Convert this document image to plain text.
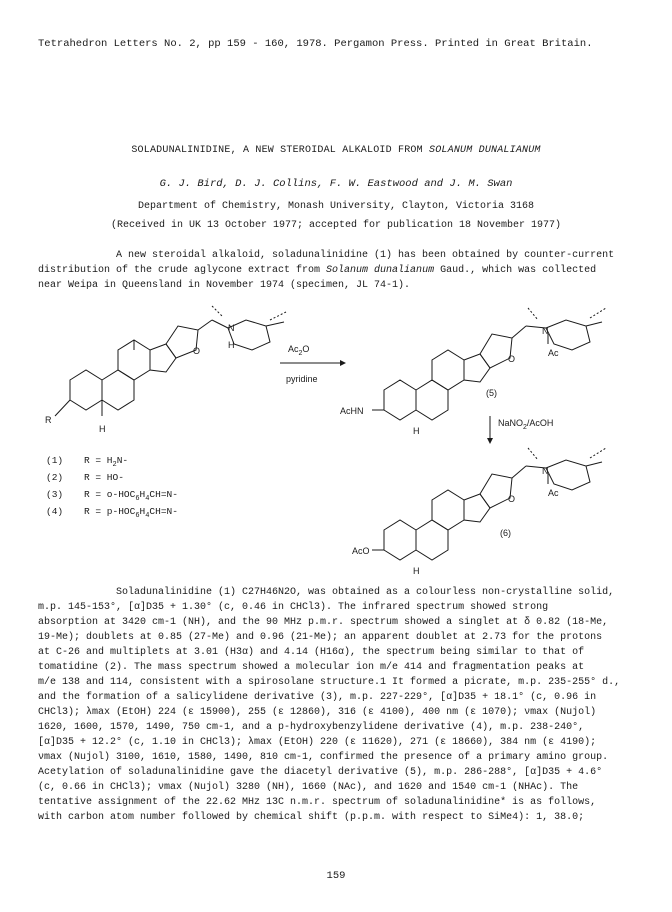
Tetrahedron Letters No. 2, pp 159 - 160, 1978. Pergamon Press. Printed in Great Britain.
SOLADUNALINIDINE, A NEW STEROIDAL ALKALOID FROM SOLANUM DUNALIANUM
G. J. Bird, D. J. Collins, F. W. Eastwood and J. M. Swan
Department of Chemistry, Monash University, Clayton, Victoria 3168
(Received in UK 13 October 1977; accepted for publication 18 November 1977)
A new steroidal alkaloid, soladunalinidine (1) has been obtained by counter-current
distribution of the crude aglycone extract from Solanum dunalianum Gaud., which was collected
near Weipa in Queensland in November 1974 (specimen, JL 74-1).
N
H
O
R
H
$Ac_2O$
pyridine
N
Ac
O
AcHN
H
(5)
NaNO$_2$/AcOH
N
Ac
O
AcO
H
(6)
(1) $R = H_2N-$
(2) R = HO-
(3) $R = o-HOC_6H_4CH=N-$
(4) $R = p-HOC_6H_4CH=N-$
Soladunalinidine (1) C27H46N2O, was obtained as a colourless non-crystalline solid,
m.p. 145-153°, [α]D35 + 1.30° (c, 0.46 in CHCl3). The infrared spectrum showed strong
absorption at 3420 cm-1 (NH), and the 90 MHz p.m.r. spectrum showed a singlet at δ 0.82 (18-Me,
19-Me); doublets at 0.85 (27-Me) and 0.96 (21-Me); an apparent doublet at 2.73 for the protons
at C-26 and multiplets at 3.01 (H3α) and 4.14 (H16α), the spectrum being similar to that of
tomatidine (2). The mass spectrum showed a molecular ion m/e 414 and fragmentation peaks at
m/e 138 and 114, consistent with a spirosolane structure.1 It formed a picrate, m.p. 235-255° d.,
and the formation of a salicylidene derivative (3), m.p. 227-229°, [α]D35 + 18.1° (c, 0.96 in
CHCl3); λmax (EtOH) 224 (ε 15900), 255 (ε 12860), 316 (ε 4100), 400 nm (ε 1070); νmax (Nujol)
1620, 1600, 1570, 1490, 750 cm-1, and a p-hydroxybenzylidene derivative (4), m.p. 238-240°,
[α]D35 + 12.2° (c, 1.10 in CHCl3); λmax (EtOH) 220 (ε 11620), 271 (ε 18660), 384 nm (ε 4190);
νmax (Nujol) 3100, 1610, 1580, 1490, 810 cm-1, confirmed the presence of a primary amino group.
Acetylation of soladunalinidine gave the diacetyl derivative (5), m.p. 286-288°, [α]D35 + 4.6°
(c, 0.66 in CHCl3); νmax (Nujol) 3280 (NH), 1660 (NAc), and 1620 and 1540 cm-1 (NHAc). The
tentative assignment of the 22.62 MHz 13C n.m.r. spectrum of soladunalinidine* is as follows,
with carbon atom number followed by chemical shift (p.p.m. with respect to SiMe4): 1, 38.0;
159
